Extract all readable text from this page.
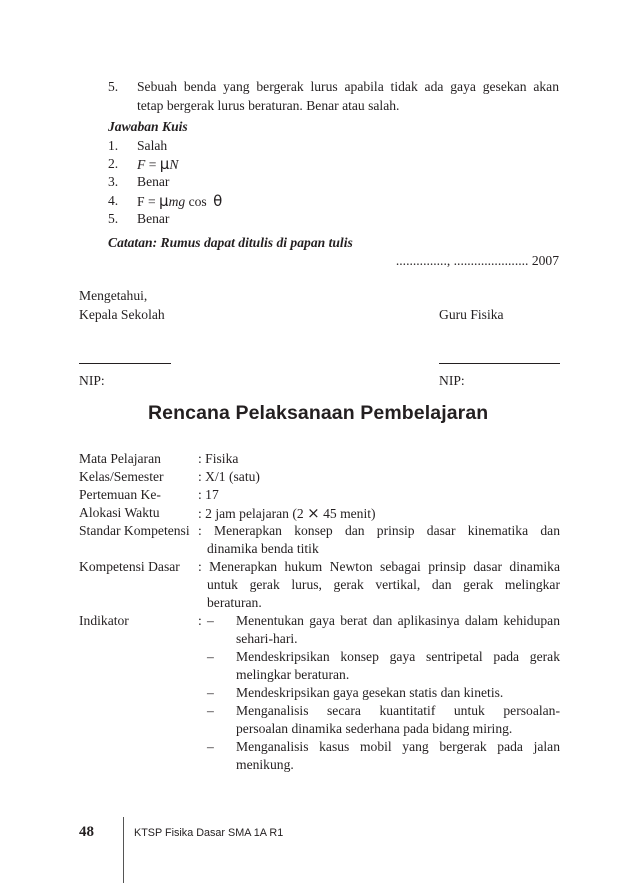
5. Sebuah benda yang bergerak lurus apabila tidak ada gaya gesekan akan
tetap bergerak lurus beraturan. Benar atau salah.
Jawaban Kuis
1. Salah
2. F = μN
3. Benar
4. F = μmg cos θ
5. Benar
Catatan: Rumus dapat ditulis di papan tulis
..............., ...................... 2007
Mengetahui,
Kepala Sekolah	Guru Fisika
NIP:	NIP:
Rencana Pelaksanaan Pembelajaran
Mata Pelajaran	: Fisika
Kelas/Semester	: X/1 (satu)
Pertemuan Ke-	: 17
Alokasi Waktu	: 2 jam pelajaran (2 × 45 menit)
Standar Kompetensi : Menerapkan konsep dan prinsip dasar kinematika dan
dinamika benda titik
Kompetensi Dasar : Menerapkan hukum Newton sebagai prinsip dasar dinamika
untuk gerak lurus, gerak vertikal, dan gerak melingkar
beraturan.
Indikator	: – Menentukan gaya berat dan aplikasinya dalam kehidupan
sehari-hari.
– Mendeskripsikan konsep gaya sentripetal pada gerak
melingkar beraturan.
– Mendeskripsikan gaya gesekan statis dan kinetis.
– Menganalisis secara kuantitatif untuk persoalan-
persoalan dinamika sederhana pada bidang miring.
– Menganalisis kasus mobil yang bergerak pada jalan
menikung.
48	KTSP Fisika Dasar SMA 1A R1
